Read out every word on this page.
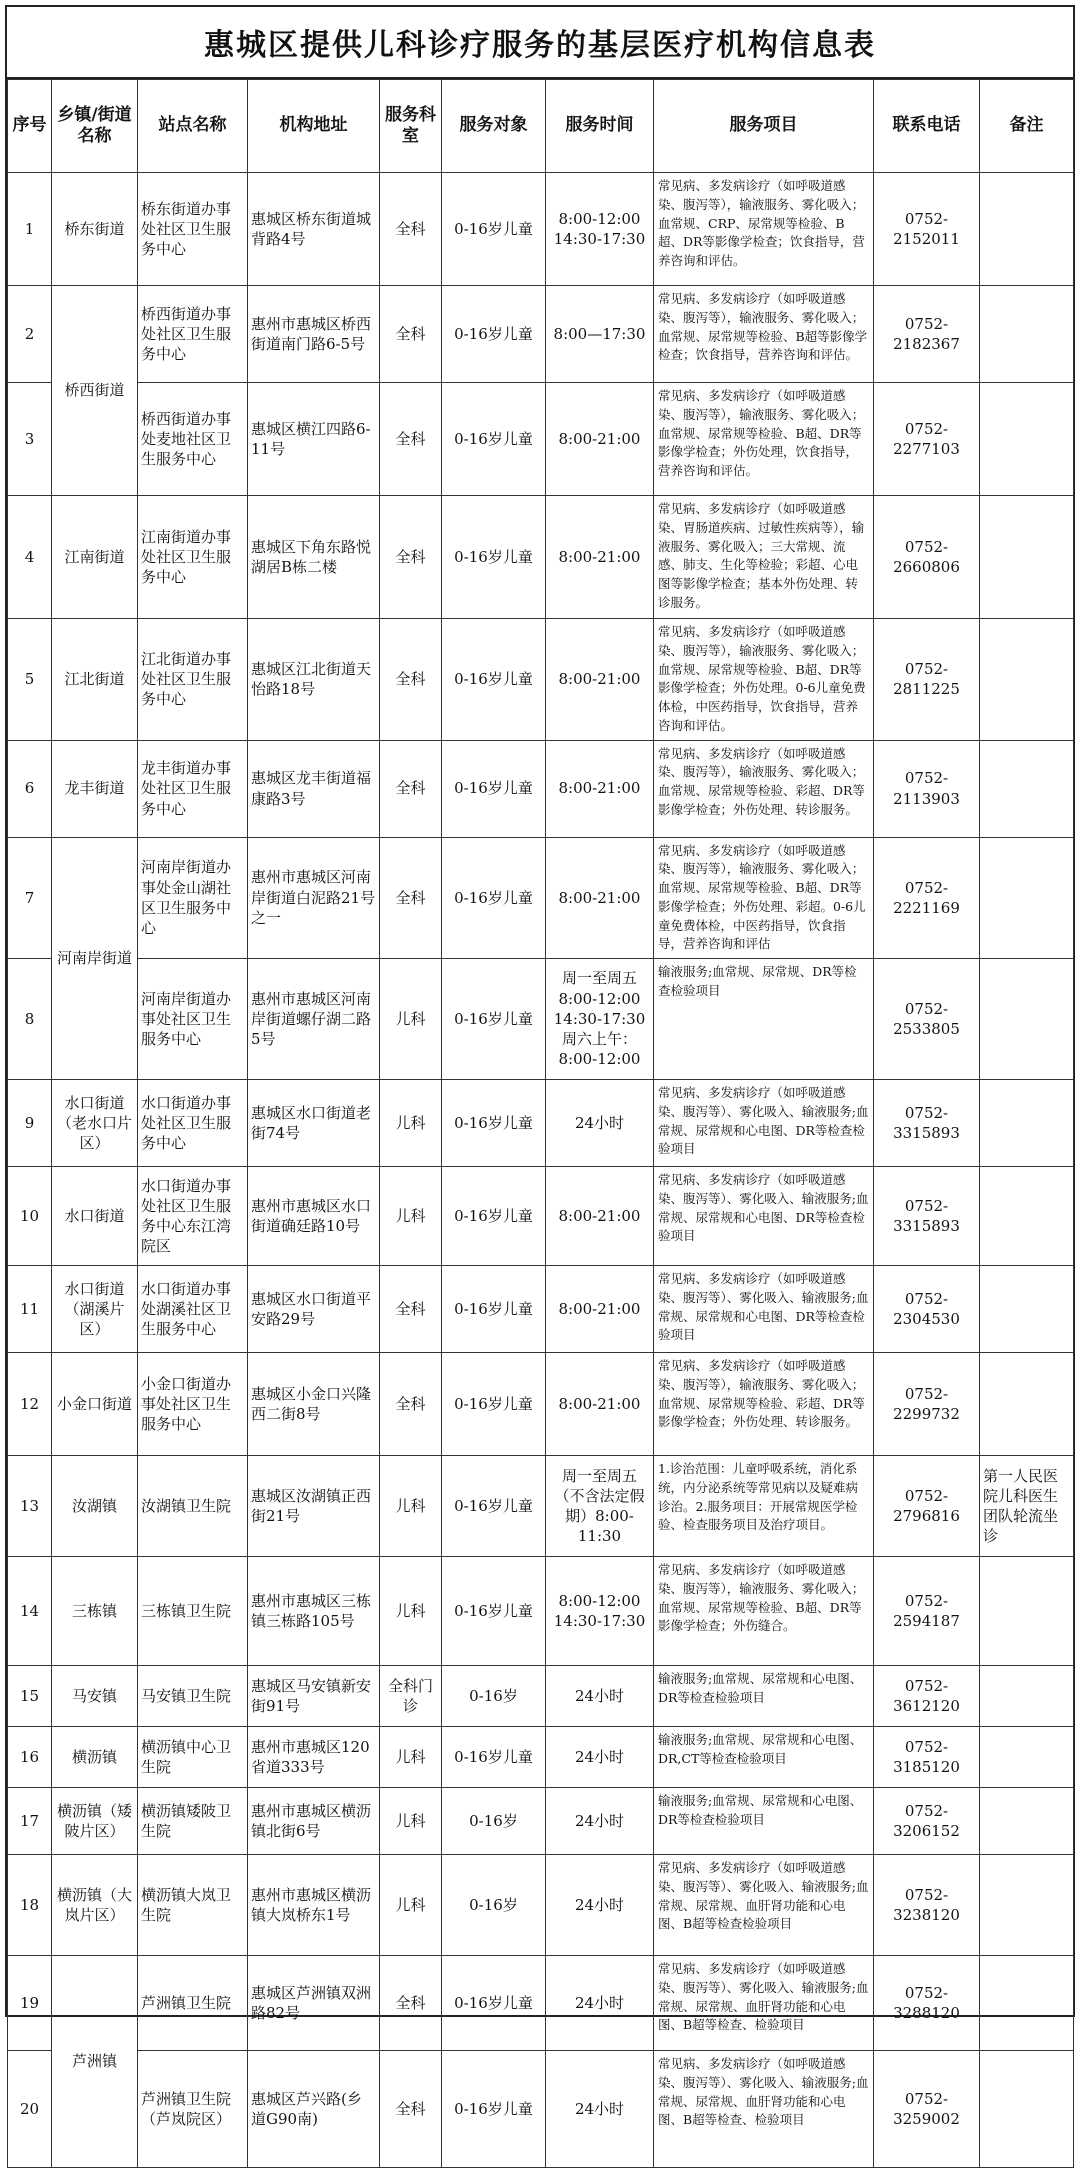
惠城区提供儿科诊疗服务的基层医疗机构信息表
序号	乡镇/街道名称	站点名称	机构地址	服务科室	服务对象	服务时间	服务项目	联系电话	备注
1	桥东街道	桥东街道办事处社区卫生服务中心	惠城区桥东街道城背路4号	全科	0-16岁儿童	8:00-12:00 14:30-17:30	常见病、多发病诊疗（如呼吸道感染、腹泻等），输液服务、雾化吸入；血常规、CRP、尿常规等检验、B超、DR等影像学检查；饮食指导，营养咨询和评估。	0752-2152011	
2	桥西街道	桥西街道办事处社区卫生服务中心	惠州市惠城区桥西街道南门路6-5号	全科	0-16岁儿童	8:00—17:30	常见病、多发病诊疗（如呼吸道感染、腹泻等），输液服务、雾化吸入；血常规、尿常规等检验、B超等影像学检查；饮食指导，营养咨询和评估。	0752-2182367	
3		桥西街道办事处麦地社区卫生服务中心	惠城区横江四路6-11号	全科	0-16岁儿童	8:00-21:00	常见病、多发病诊疗（如呼吸道感染、腹泻等），输液服务、雾化吸入；血常规、尿常规等检验、B超、DR等影像学检查；外伤处理，饮食指导，营养咨询和评估。	0752-2277103	
4	江南街道	江南街道办事处社区卫生服务中心	惠城区下角东路悦湖居B栋二楼	全科	0-16岁儿童	8:00-21:00	常见病、多发病诊疗（如呼吸道感染、胃肠道疾病、过敏性疾病等），输液服务、雾化吸入；三大常规、流感、肺支、生化等检验；彩超、心电图等影像学检查；基本外伤处理、转诊服务。	0752-2660806	
5	江北街道	江北街道办事处社区卫生服务中心	惠城区江北街道天怡路18号	全科	0-16岁儿童	8:00-21:00	常见病、多发病诊疗（如呼吸道感染、腹泻等），输液服务、雾化吸入；血常规、尿常规等检验、B超、DR等影像学检查；外伤处理。0-6儿童免费体检，中医药指导，饮食指导，营养咨询和评估。	0752-2811225	
6	龙丰街道	龙丰街道办事处社区卫生服务中心	惠城区龙丰街道福康路3号	全科	0-16岁儿童	8:00-21:00	常见病、多发病诊疗（如呼吸道感染、腹泻等），输液服务、雾化吸入；血常规、尿常规等检验、彩超、DR等影像学检查；外伤处理、转诊服务。	0752-2113903	
7	河南岸街道	河南岸街道办事处金山湖社区卫生服务中心	惠州市惠城区河南岸街道白泥路21号之一	全科	0-16岁儿童	8:00-21:00	常见病、多发病诊疗（如呼吸道感染、腹泻等），输液服务、雾化吸入；血常规、尿常规等检验、B超、DR等影像学检查；外伤处理、彩超。0-6儿童免费体检，中医药指导，饮食指导，营养咨询和评估	0752-2221169	
8		河南岸街道办事处社区卫生服务中心	惠州市惠城区河南岸街道螺仔湖二路5号	儿科	0-16岁儿童	周一至周五8:00-12:00 14:30-17:30周六上午：8:00-12:00	输液服务;血常规、尿常规、DR等检查检验项目	0752-2533805	
9	水口街道（老水口片区）	水口街道办事处社区卫生服务中心	惠城区水口街道老街74号	儿科	0-16岁儿童	24小时	常见病、多发病诊疗（如呼吸道感染、腹泻等）、雾化吸入、输液服务;血常规、尿常规和心电图、DR等检查检验项目	0752-3315893	
10	水口街道	水口街道办事处社区卫生服务中心东江湾院区	惠州市惠城区水口街道确廷路10号	儿科	0-16岁儿童	8:00-21:00	常见病、多发病诊疗（如呼吸道感染、腹泻等）、雾化吸入、输液服务;血常规、尿常规和心电图、DR等检查检验项目	0752-3315893	
11	水口街道（湖溪片区）	水口街道办事处湖溪社区卫生服务中心	惠城区水口街道平安路29号	全科	0-16岁儿童	8:00-21:00	常见病、多发病诊疗（如呼吸道感染、腹泻等）、雾化吸入、输液服务;血常规、尿常规和心电图、DR等检查检验项目	0752-2304530	
12	小金口街道	小金口街道办事处社区卫生服务中心	惠城区小金口兴隆西二街8号	全科	0-16岁儿童	8:00-21:00	常见病、多发病诊疗（如呼吸道感染、腹泻等），输液服务、雾化吸入；血常规、尿常规等检验、彩超、DR等影像学检查；外伤处理、转诊服务。	0752-2299732	
13	汝湖镇	汝湖镇卫生院	惠城区汝湖镇正西街21号	儿科	0-16岁儿童	周一至周五（不含法定假期）8:00-11:30	1.诊治范围：儿童呼吸系统，消化系统，内分泌系统等常见病以及疑难病诊治。2.服务项目：开展常规医学检验、检查服务项目及治疗项目。	0752-2796816	第一人民医院儿科医生团队轮流坐诊
14	三栋镇	三栋镇卫生院	惠州市惠城区三栋镇三栋路105号	儿科	0-16岁儿童	8:00-12:00 14:30-17:30	常见病、多发病诊疗（如呼吸道感染、腹泻等），输液服务、雾化吸入；血常规、尿常规等检验、B超、DR等影像学检查；外伤缝合。	0752-2594187	
15	马安镇	马安镇卫生院	惠城区马安镇新安街91号	全科门诊	0-16岁	24小时	输液服务;血常规、尿常规和心电图、DR等检查检验项目	0752-3612120	
16	横沥镇	横沥镇中心卫生院	惠州市惠城区120省道333号	儿科	0-16岁儿童	24小时	输液服务;血常规、尿常规和心电图、DR,CT等检查检验项目	0752-3185120	
17	横沥镇（矮陂片区）	横沥镇矮陂卫生院	惠州市惠城区横沥镇北街6号	儿科	0-16岁	24小时	输液服务;血常规、尿常规和心电图、DR等检查检验项目	0752-3206152	
18	横沥镇（大岚片区）	横沥镇大岚卫生院	惠州市惠城区横沥镇大岚桥东1号	儿科	0-16岁	24小时	常见病、多发病诊疗（如呼吸道感染、腹泻等）、雾化吸入、输液服务;血常规、尿常规、血肝肾功能和心电图、B超等检查检验项目	0752-3238120	
19	芦洲镇	芦洲镇卫生院	惠城区芦洲镇双洲路82号	全科	0-16岁儿童	24小时	常见病、多发病诊疗（如呼吸道感染、腹泻等）、雾化吸入、输液服务;血常规、尿常规、血肝肾功能和心电图、B超等检查、检验项目	0752-3288120	
20		芦洲镇卫生院（芦岚院区）	惠城区芦兴路(乡道G90南)	全科	0-16岁儿童	24小时	常见病、多发病诊疗（如呼吸道感染、腹泻等）、雾化吸入、输液服务;血常规、尿常规、血肝肾功能和心电图、B超等检查、检验项目	0752-3259002	
